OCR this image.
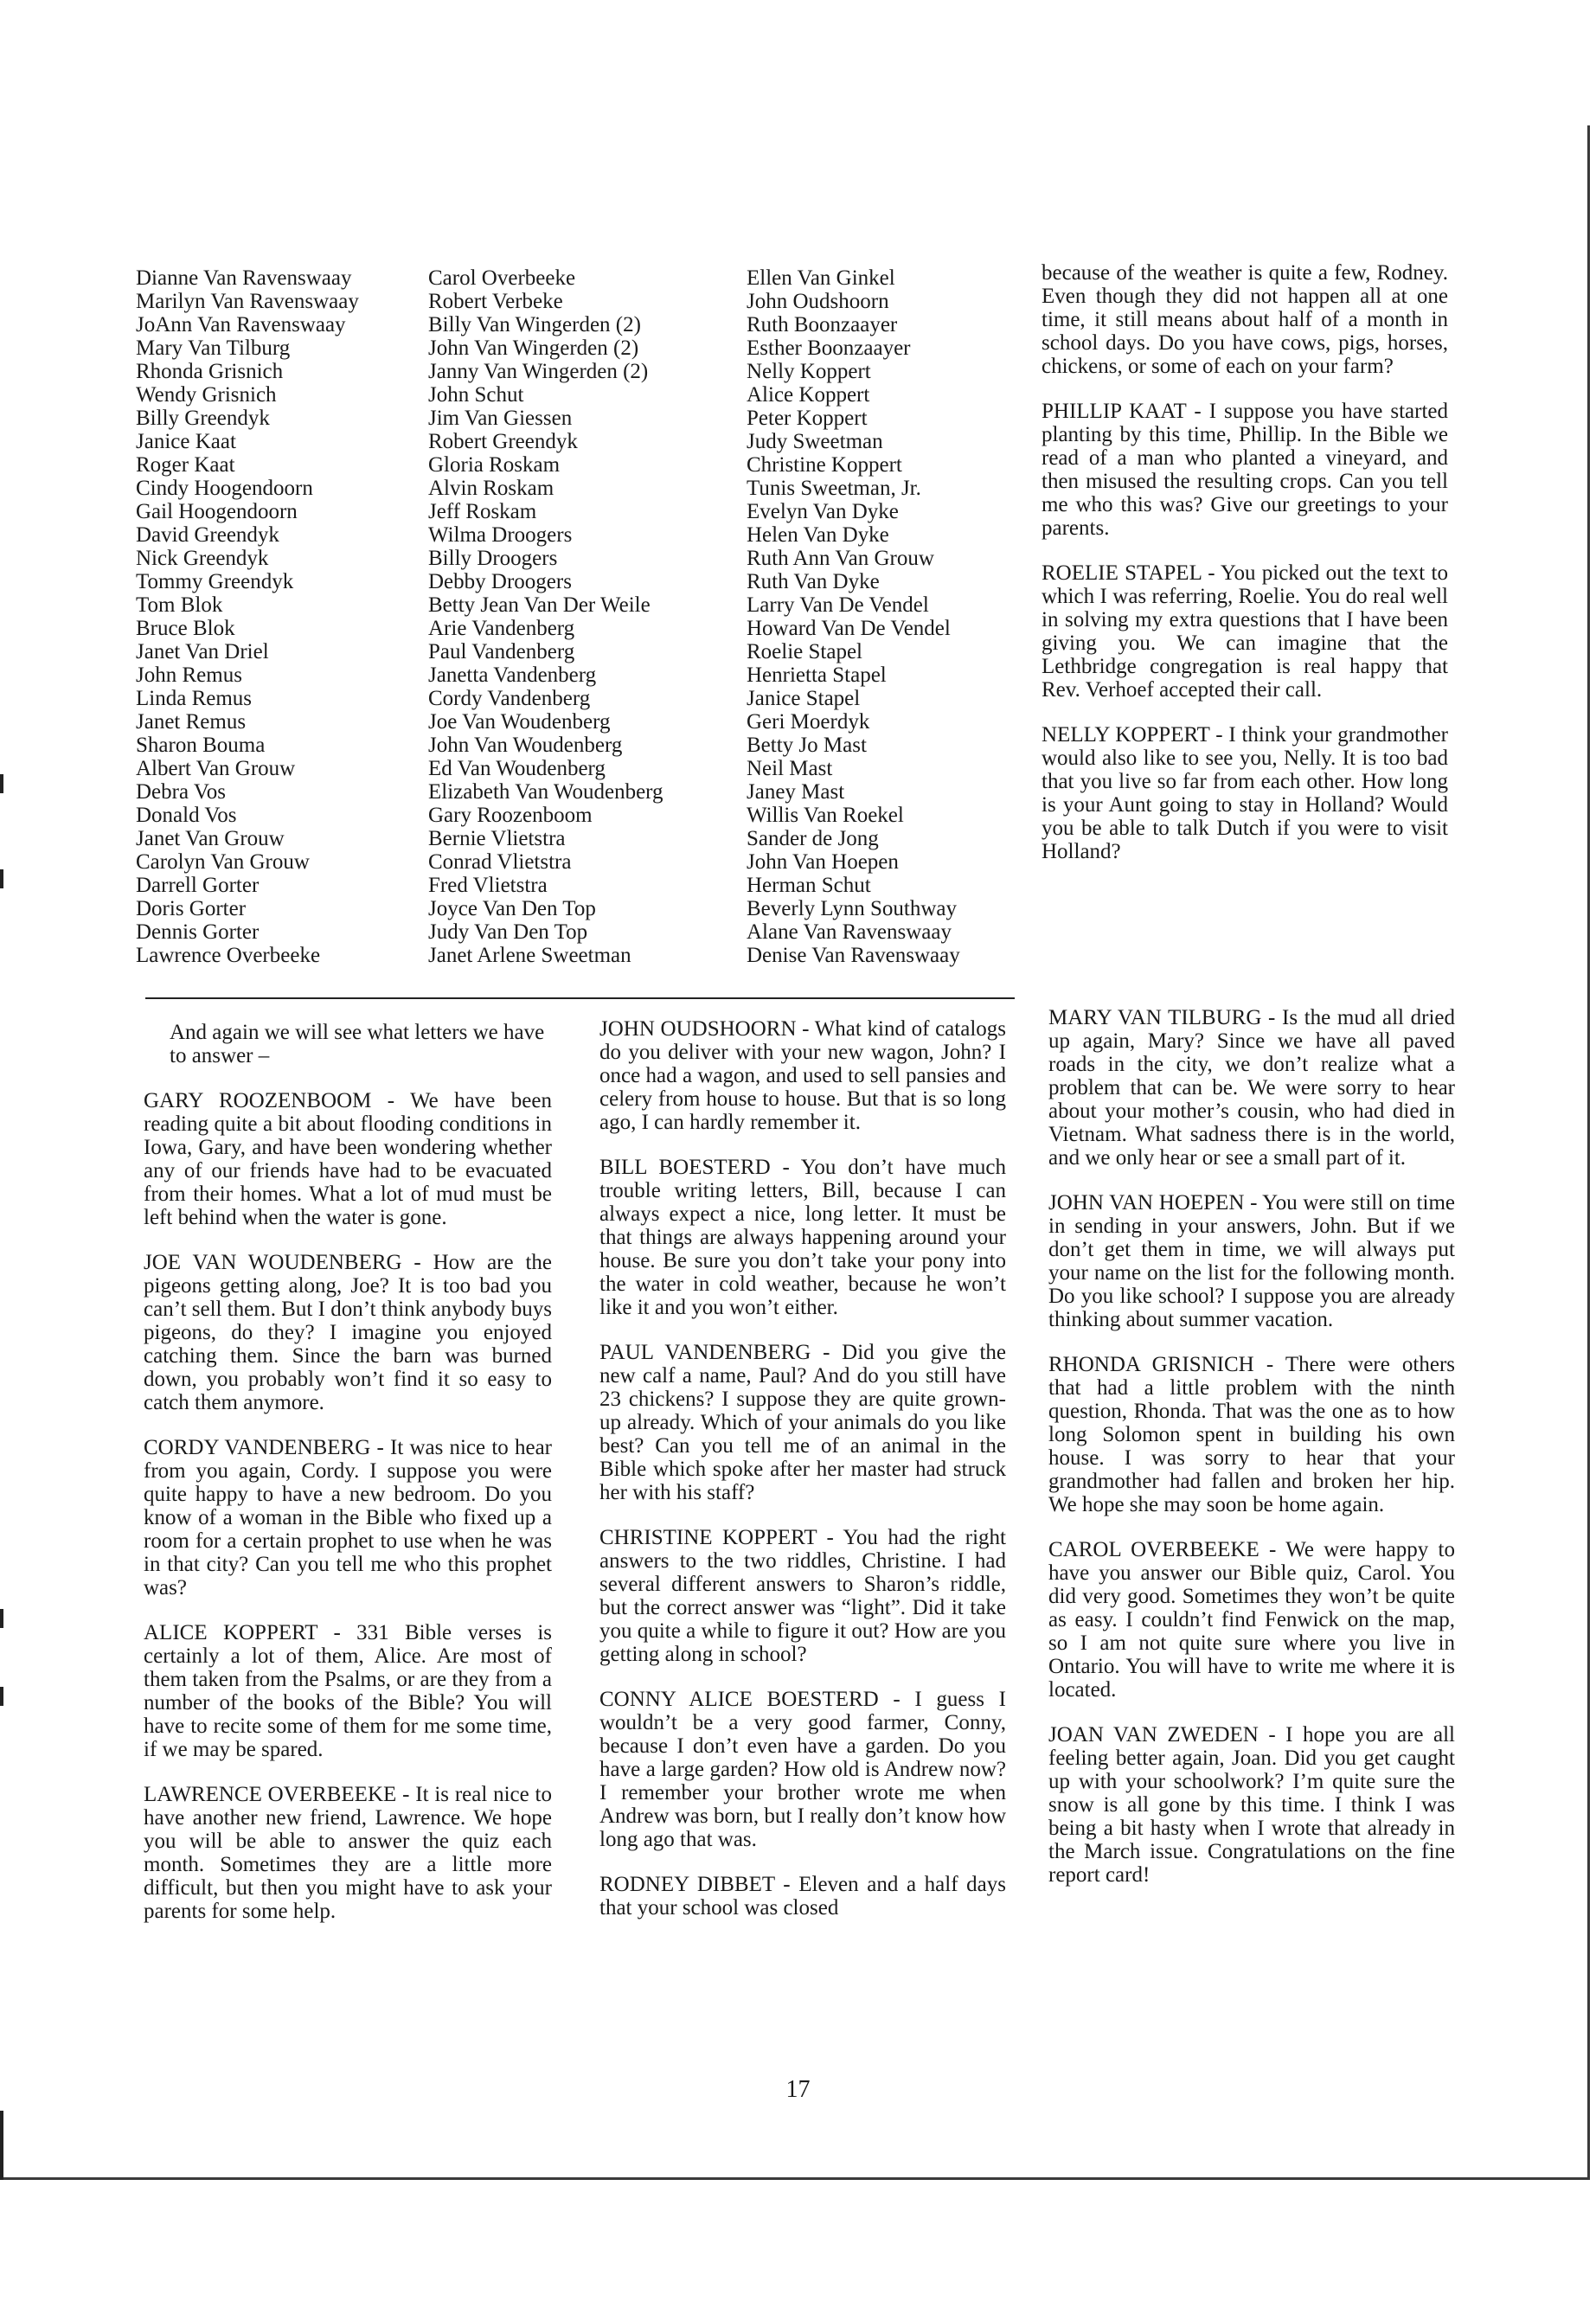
Dianne Van Ravenswaay
Marilyn Van Ravenswaay
JoAnn Van Ravenswaay
Mary Van Tilburg
Rhonda Grisnich
Wendy Grisnich
Billy Greendyk
Janice Kaat
Roger Kaat
Cindy Hoogendoorn
Gail Hoogendoorn
David Greendyk
Nick Greendyk
Tommy Greendyk
Tom Blok
Bruce Blok
Janet Van Driel
John Remus
Linda Remus
Janet Remus
Sharon Bouma
Albert Van Grouw
Debra Vos
Donald Vos
Janet Van Grouw
Carolyn Van Grouw
Darrell Gorter
Doris Gorter
Dennis Gorter
Lawrence Overbeeke
Carol Overbeeke
Robert Verbeke
Billy Van Wingerden (2)
John Van Wingerden (2)
Janny Van Wingerden (2)
John Schut
Jim Van Giessen
Robert Greendyk
Gloria Roskam
Alvin Roskam
Jeff Roskam
Wilma Droogers
Billy Droogers
Debby Droogers
Betty Jean Van Der Weile
Arie Vandenberg
Paul Vandenberg
Janetta Vandenberg
Cordy Vandenberg
Joe Van Woudenberg
John Van Woudenberg
Ed Van Woudenberg
Elizabeth Van Woudenberg
Gary Roozenboom
Bernie Vlietstra
Conrad Vlietstra
Fred Vlietstra
Joyce Van Den Top
Judy Van Den Top
Janet Arlene Sweetman
Ellen Van Ginkel
John Oudshoorn
Ruth Boonzaayer
Esther Boonzaayer
Nelly Koppert
Alice Koppert
Peter Koppert
Judy Sweetman
Christine Koppert
Tunis Sweetman, Jr.
Evelyn Van Dyke
Helen Van Dyke
Ruth Ann Van Grouw
Ruth Van Dyke
Larry Van De Vendel
Howard Van De Vendel
Roelie Stapel
Henrietta Stapel
Janice Stapel
Geri Moerdyk
Betty Jo Mast
Neil Mast
Janey Mast
Willis Van Roekel
Sander de Jong
John Van Hoepen
Herman Schut
Beverly Lynn Southway
Alane Van Ravenswaay
Denise Van Ravenswaay

And again we will see what letters we have to answer –

GARY ROOZENBOOM - We have been reading quite a bit about flooding conditions in Iowa, Gary, and have been wondering whether any of our friends have had to be evacuated from their homes. What a lot of mud must be left behind when the water is gone.

JOE VAN WOUDENBERG - How are the pigeons getting along, Joe? It is too bad you can’t sell them. But I don’t think anybody buys pigeons, do they? I imagine you enjoyed catching them. Since the barn was burned down, you probably won’t find it so easy to catch them anymore.

CORDY VANDENBERG - It was nice to hear from you again, Cordy. I suppose you were quite happy to have a new bedroom. Do you know of a woman in the Bible who fixed up a room for a certain prophet to use when he was in that city? Can you tell me who this prophet was?

ALICE KOPPERT - 331 Bible verses is certainly a lot of them, Alice. Are most of them taken from the Psalms, or are they from a number of the books of the Bible? You will have to recite some of them for me some time, if we may be spared.

LAWRENCE OVERBEEKE - It is real nice to have another new friend, Lawrence. We hope you will be able to answer the quiz each month. Sometimes they are a little more difficult, but then you might have to ask your parents for some help.

JOHN OUDSHOORN - What kind of catalogs do you deliver with your new wagon, John? I once had a wagon, and used to sell pansies and celery from house to house. But that is so long ago, I can hardly remember it.

BILL BOESTERD - You don’t have much trouble writing letters, Bill, because I can always expect a nice, long letter. It must be that things are always happening around your house. Be sure you don’t take your pony into the water in cold weather, because he won’t like it and you won’t either.

PAUL VANDENBERG - Did you give the new calf a name, Paul? And do you still have 23 chickens? I suppose they are quite grown-up already. Which of your animals do you like best? Can you tell me of an animal in the Bible which spoke after her master had struck her with his staff?

CHRISTINE KOPPERT - You had the right answers to the two riddles, Christine. I had several different answers to Sharon’s riddle, but the correct answer was “light”. Did it take you quite a while to figure it out? How are you getting along in school?

CONNY ALICE BOESTERD - I guess I wouldn’t be a very good farmer, Conny, because I don’t even have a garden. Do you have a large garden? How old is Andrew now? I remember your brother wrote me when Andrew was born, but I really don’t know how long ago that was.

RODNEY DIBBET - Eleven and a half days that your school was closed

because of the weather is quite a few, Rodney. Even though they did not happen all at one time, it still means about half of a month in school days. Do you have cows, pigs, horses, chickens, or some of each on your farm?

PHILLIP KAAT - I suppose you have started planting by this time, Phillip. In the Bible we read of a man who planted a vineyard, and then misused the resulting crops. Can you tell me who this was? Give our greetings to your parents.

ROELIE STAPEL - You picked out the text to which I was referring, Roelie. You do real well in solving my extra questions that I have been giving you. We can imagine that the Lethbridge congregation is real happy that Rev. Verhoef accepted their call.

NELLY KOPPERT - I think your grandmother would also like to see you, Nelly. It is too bad that you live so far from each other. How long is your Aunt going to stay in Holland? Would you be able to talk Dutch if you were to visit Holland?

MARY VAN TILBURG - Is the mud all dried up again, Mary? Since we have all paved roads in the city, we don’t realize what a problem that can be. We were sorry to hear about your mother’s cousin, who had died in Vietnam. What sadness there is in the world, and we only hear or see a small part of it.

JOHN VAN HOEPEN - You were still on time in sending in your answers, John. But if we don’t get them in time, we will always put your name on the list for the following month. Do you like school? I suppose you are already thinking about summer vacation.

RHONDA GRISNICH - There were others that had a little problem with the ninth question, Rhonda. That was the one as to how long Solomon spent in building his own house. I was sorry to hear that your grandmother had fallen and broken her hip. We hope she may soon be home again.

CAROL OVERBEEKE - We were happy to have you answer our Bible quiz, Carol. You did very good. Sometimes they won’t be quite as easy. I couldn’t find Fenwick on the map, so I am not quite sure where you live in Ontario. You will have to write me where it is located.

JOAN VAN ZWEDEN - I hope you are all feeling better again, Joan. Did you get caught up with your schoolwork? I’m quite sure the snow is all gone by this time. I think I was being a bit hasty when I wrote that already in the March issue. Congratulations on the fine report card!

17
